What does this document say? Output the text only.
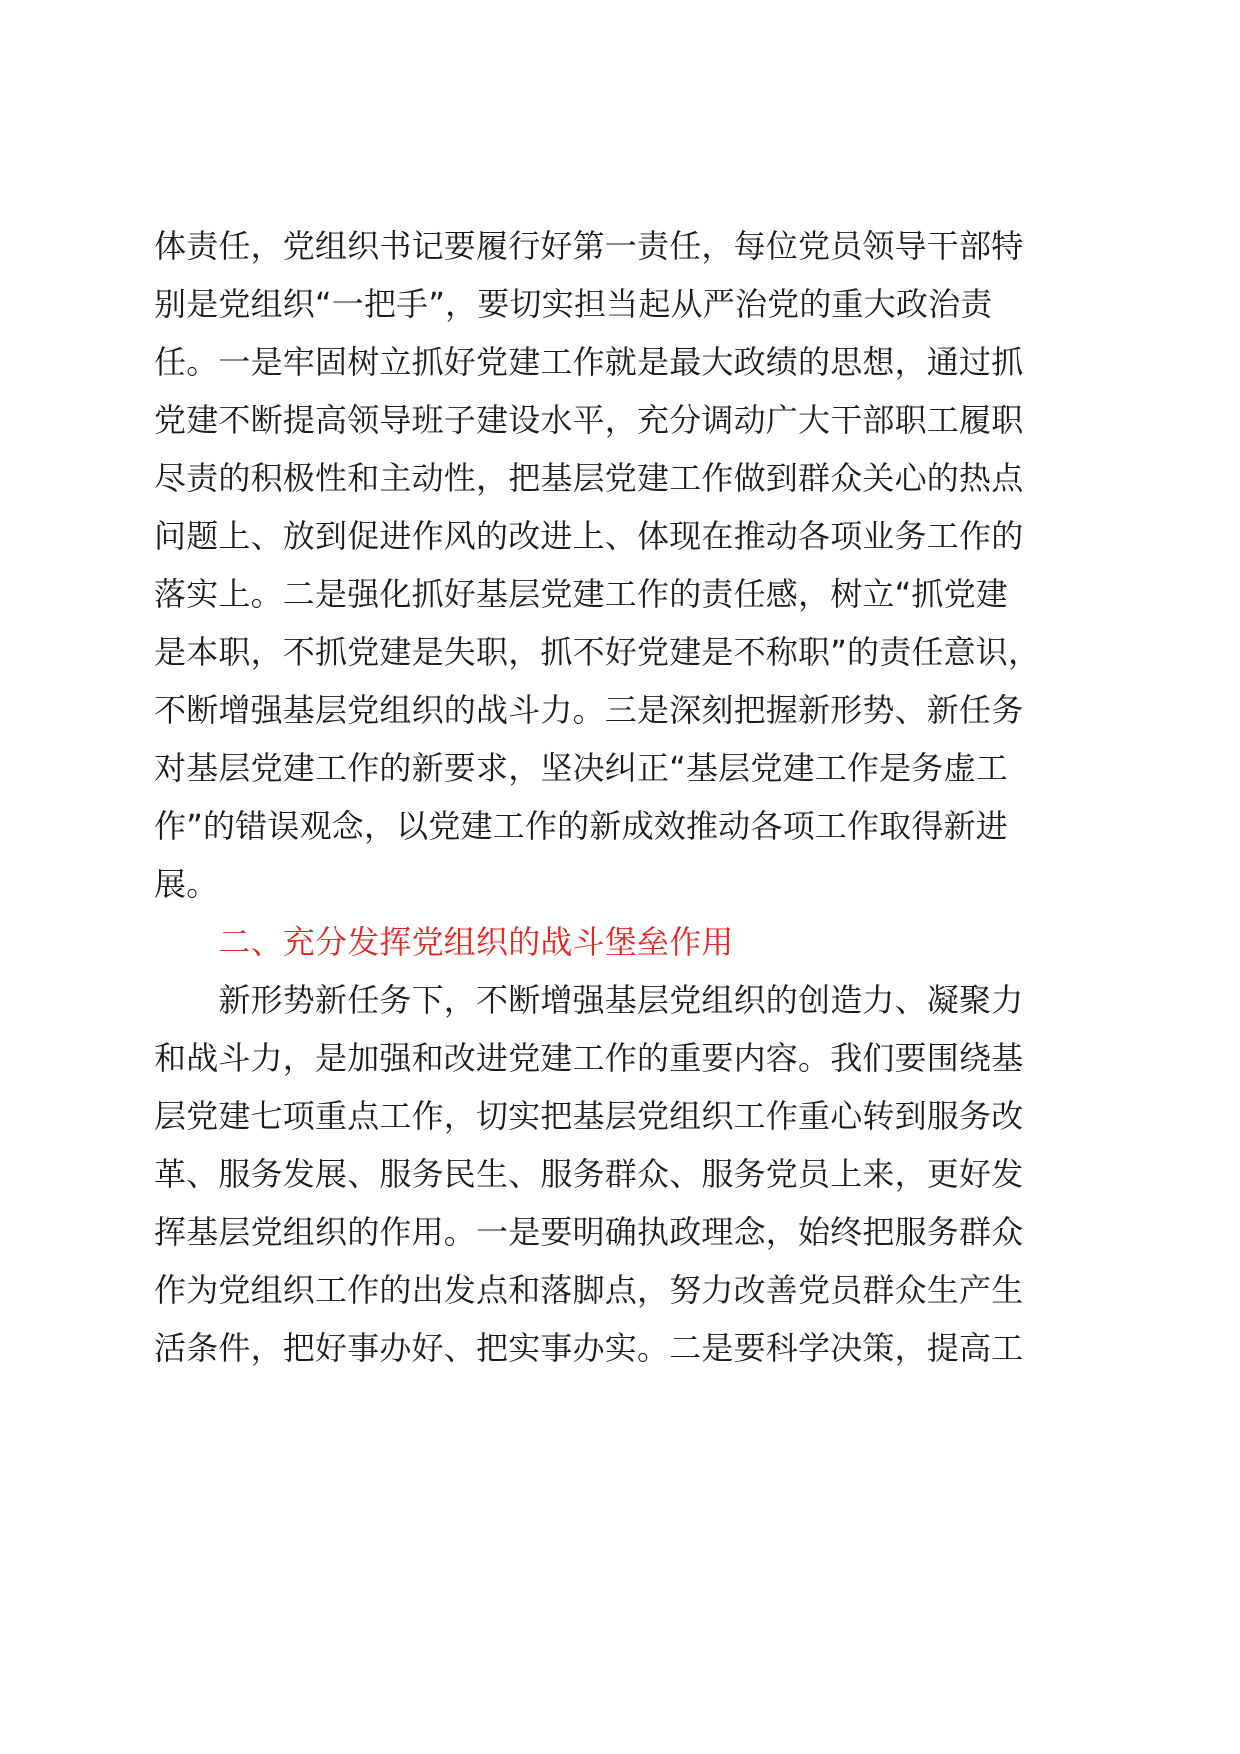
体责任，党组织书记要履行好第一责任，每位党员领导干部特
别是党组织“一把手”，要切实担当起从严治党的重大政治责
任。一是牢固树立抓好党建工作就是最大政绩的思想，通过抓
党建不断提高领导班子建设水平，充分调动广大干部职工履职
尽责的积极性和主动性，把基层党建工作做到群众关心的热点
问题上、放到促进作风的改进上、体现在推动各项业务工作的
落实上。二是强化抓好基层党建工作的责任感，树立“抓党建
是本职，不抓党建是失职，抓不好党建是不称职”的责任意识，
不断增强基层党组织的战斗力。三是深刻把握新形势、新任务
对基层党建工作的新要求，坚决纠正“基层党建工作是务虚工
作”的错误观念，以党建工作的新成效推动各项工作取得新进
展。
　　二、充分发挥党组织的战斗堡垒作用
　　新形势新任务下，不断增强基层党组织的创造力、凝聚力
和战斗力，是加强和改进党建工作的重要内容。我们要围绕基
层党建七项重点工作，切实把基层党组织工作重心转到服务改
革、服务发展、服务民生、服务群众、服务党员上来，更好发
挥基层党组织的作用。一是要明确执政理念，始终把服务群众
作为党组织工作的出发点和落脚点，努力改善党员群众生产生
活条件，把好事办好、把实事办实。二是要科学决策，提高工
